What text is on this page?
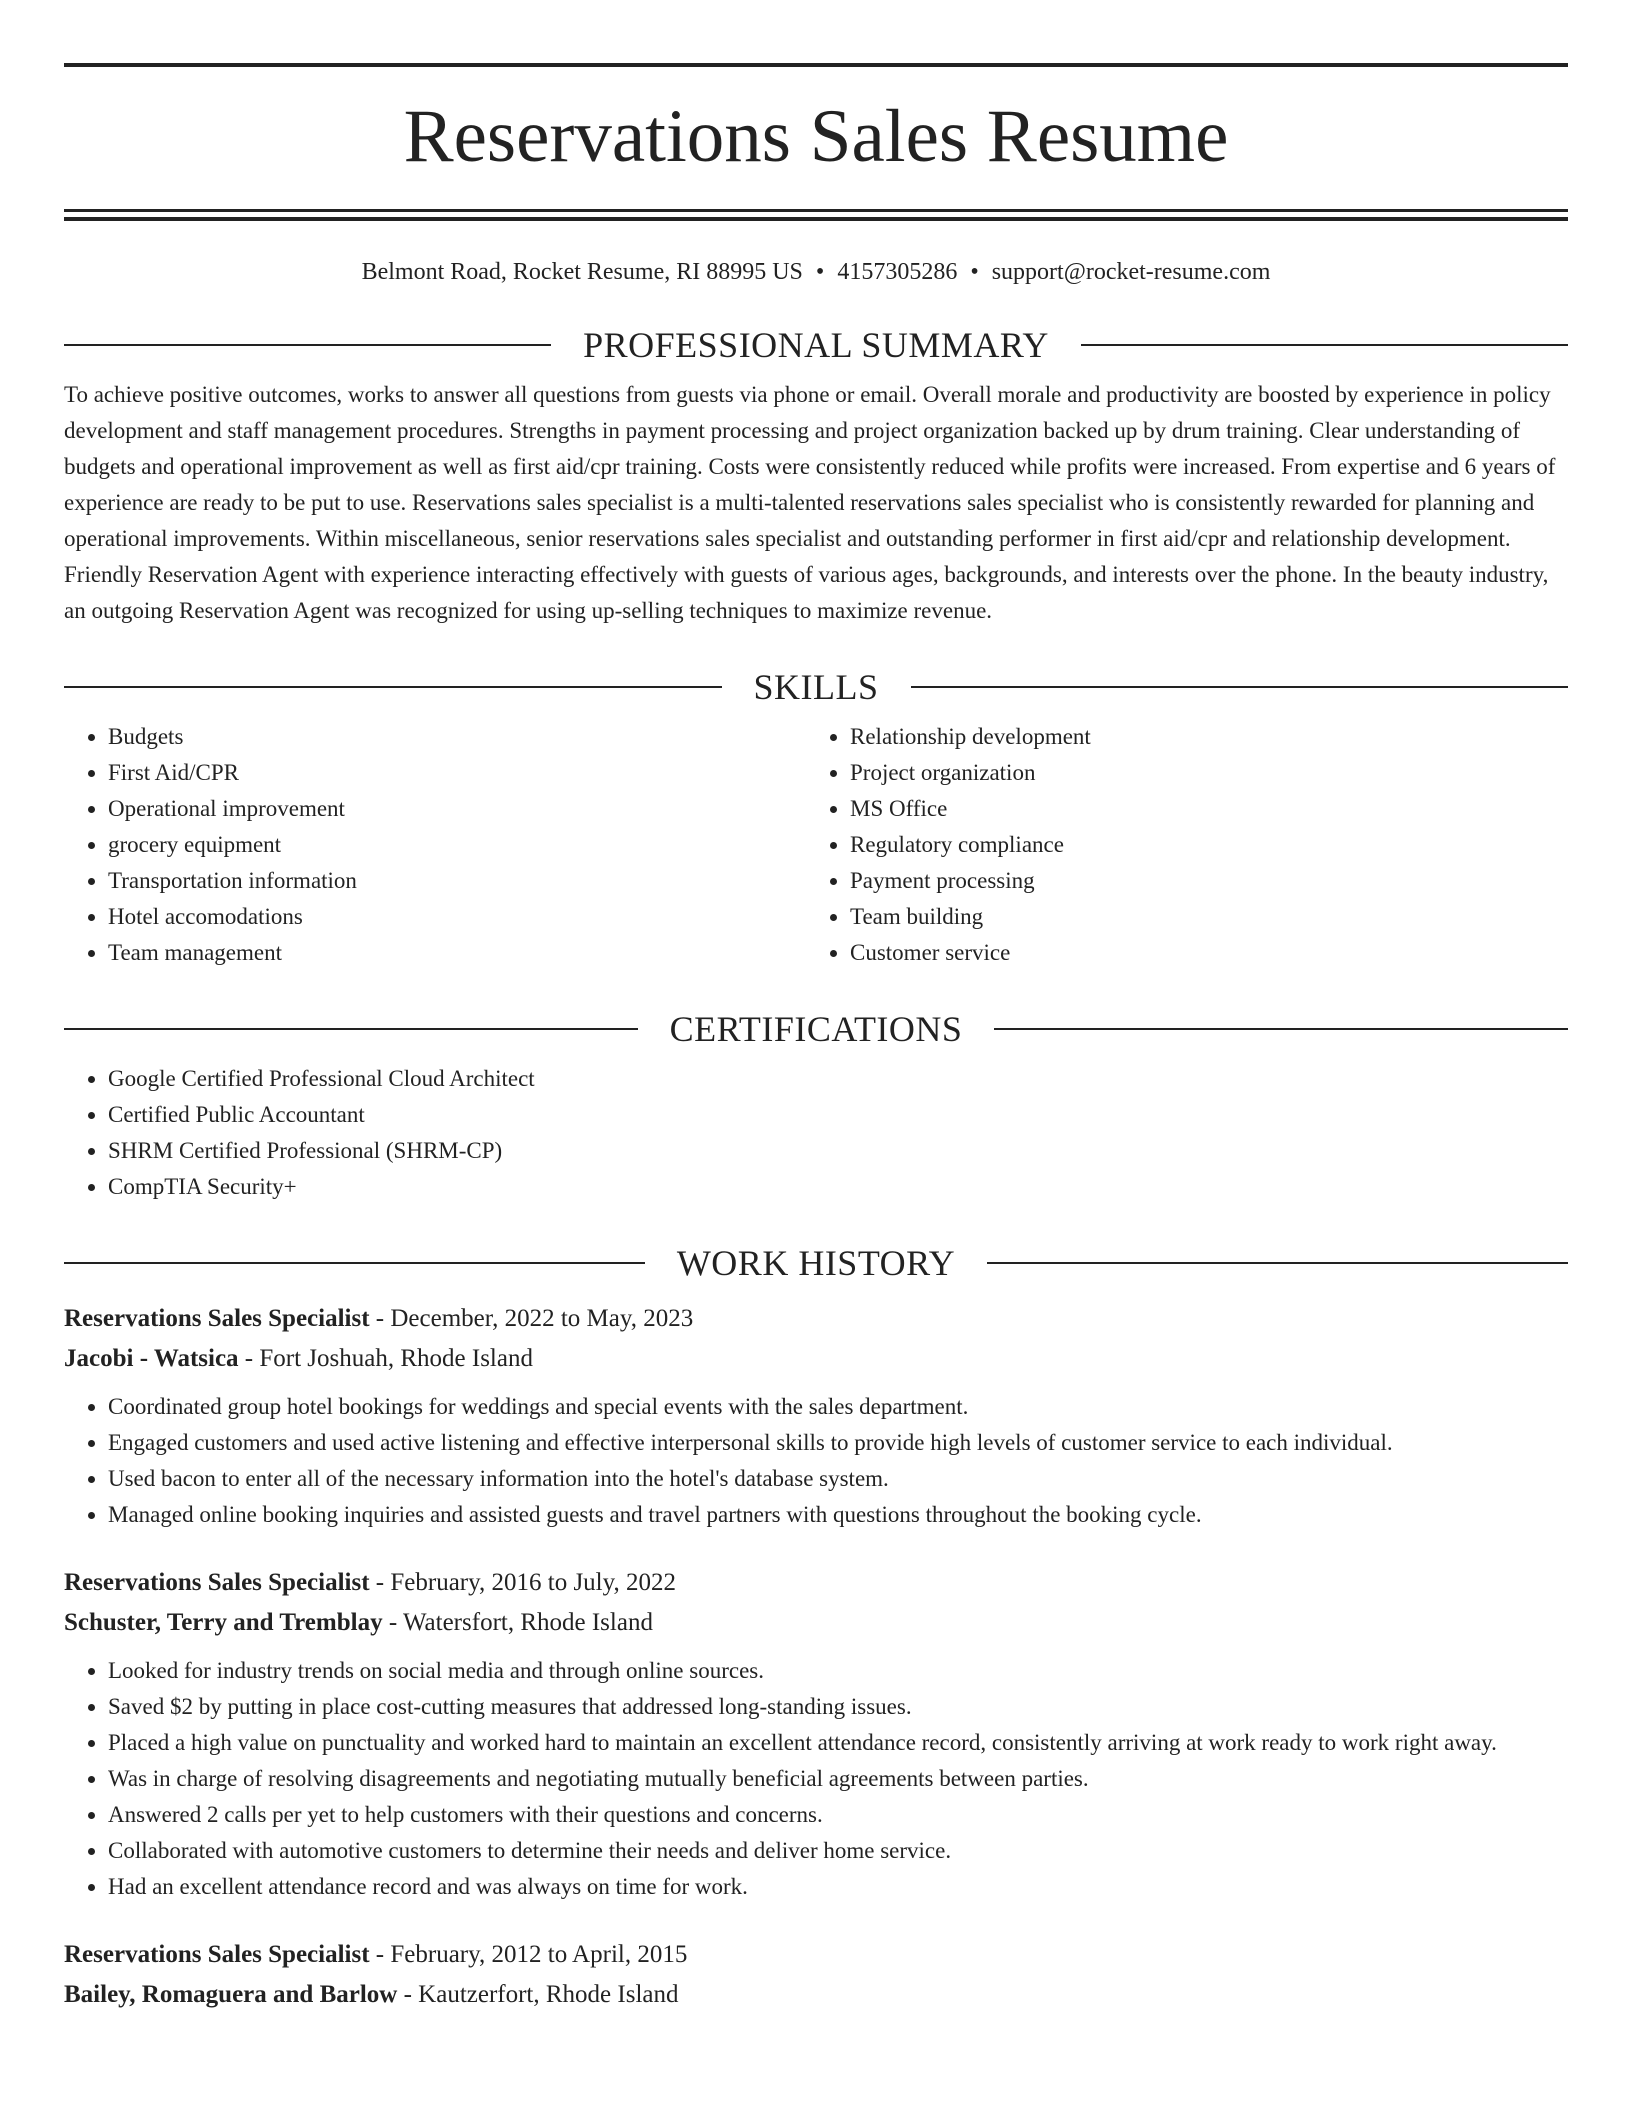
Reservations Sales Resume
Belmont Road, Rocket Resume, RI 88995 US • 4157305286 • support@rocket-resume.com
PROFESSIONAL SUMMARY
To achieve positive outcomes, works to answer all questions from guests via phone or email. Overall morale and productivity are boosted by experience in policy development and staff management procedures. Strengths in payment processing and project organization backed up by drum training. Clear understanding of budgets and operational improvement as well as first aid/cpr training. Costs were consistently reduced while profits were increased. From expertise and 6 years of experience are ready to be put to use. Reservations sales specialist is a multi-talented reservations sales specialist who is consistently rewarded for planning and operational improvements. Within miscellaneous, senior reservations sales specialist and outstanding performer in first aid/cpr and relationship development. Friendly Reservation Agent with experience interacting effectively with guests of various ages, backgrounds, and interests over the phone. In the beauty industry, an outgoing Reservation Agent was recognized for using up-selling techniques to maximize revenue.
SKILLS
• Budgets
• First Aid/CPR
• Operational improvement
• grocery equipment
• Transportation information
• Hotel accomodations
• Team management
• Relationship development
• Project organization
• MS Office
• Regulatory compliance
• Payment processing
• Team building
• Customer service
CERTIFICATIONS
• Google Certified Professional Cloud Architect
• Certified Public Accountant
• SHRM Certified Professional (SHRM-CP)
• CompTIA Security+
WORK HISTORY
Reservations Sales Specialist - December, 2022 to May, 2023
Jacobi - Watsica - Fort Joshuah, Rhode Island
• Coordinated group hotel bookings for weddings and special events with the sales department.
• Engaged customers and used active listening and effective interpersonal skills to provide high levels of customer service to each individual.
• Used bacon to enter all of the necessary information into the hotel's database system.
• Managed online booking inquiries and assisted guests and travel partners with questions throughout the booking cycle.
Reservations Sales Specialist - February, 2016 to July, 2022
Schuster, Terry and Tremblay - Watersfort, Rhode Island
• Looked for industry trends on social media and through online sources.
• Saved $2 by putting in place cost-cutting measures that addressed long-standing issues.
• Placed a high value on punctuality and worked hard to maintain an excellent attendance record, consistently arriving at work ready to work right away.
• Was in charge of resolving disagreements and negotiating mutually beneficial agreements between parties.
• Answered 2 calls per yet to help customers with their questions and concerns.
• Collaborated with automotive customers to determine their needs and deliver home service.
• Had an excellent attendance record and was always on time for work.
Reservations Sales Specialist - February, 2012 to April, 2015
Bailey, Romaguera and Barlow - Kautzerfort, Rhode Island
